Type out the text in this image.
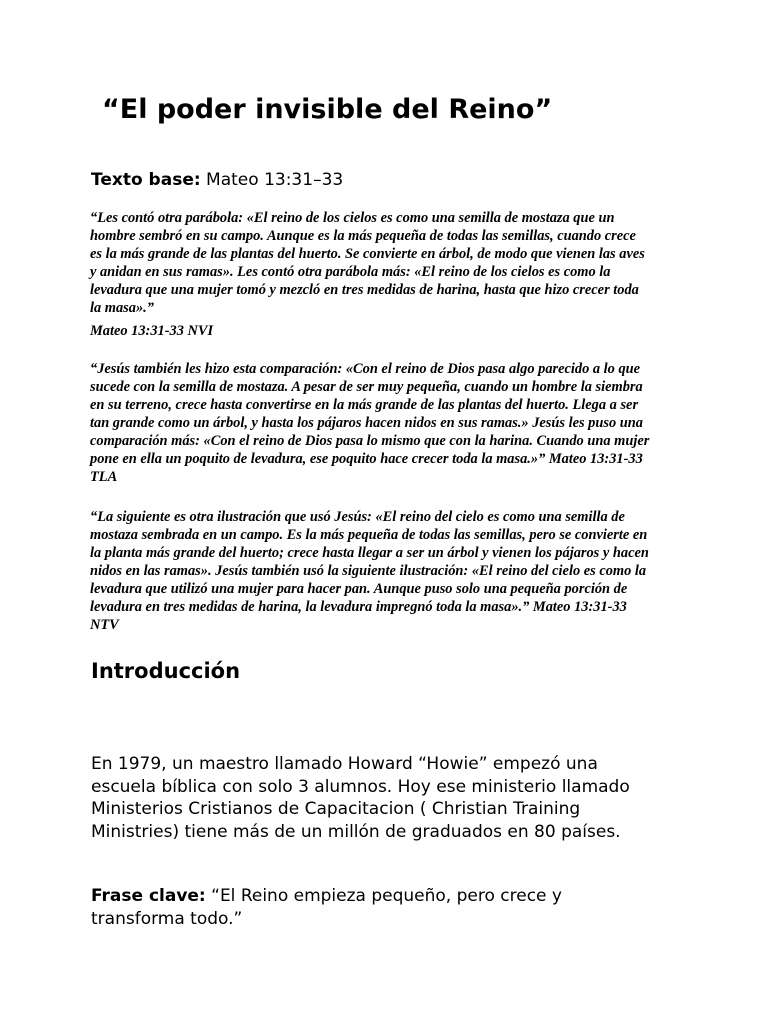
“El poder invisible del Reino”

Texto base: Mateo 13:31–33

“Les contó otra parábola: «El reino de los cielos es como una semilla de mostaza que un
hombre sembró en su campo. Aunque es la más pequeña de todas las semillas, cuando crece
es la más grande de las plantas del huerto. Se convierte en árbol, de modo que vienen las aves
y anidan en sus ramas». Les contó otra parábola más: «El reino de los cielos es como la
levadura que una mujer tomó y mezcló en tres medidas de harina, hasta que hizo crecer toda
la masa».”

Mateo 13:31-33 NVI

“Jesús también les hizo esta comparación: «Con el reino de Dios pasa algo parecido a lo que
sucede con la semilla de mostaza. A pesar de ser muy pequeña, cuando un hombre la siembra
en su terreno, crece hasta convertirse en la más grande de las plantas del huerto. Llega a ser
tan grande como un árbol, y hasta los pájaros hacen nidos en sus ramas.» Jesús les puso una
comparación más: «Con el reino de Dios pasa lo mismo que con la harina. Cuando una mujer
pone en ella un poquito de levadura, ese poquito hace crecer toda la masa.»” Mateo 13:31-33
TLA
“La siguiente es otra ilustración que usó Jesús: «El reino del cielo es como una semilla de
mostaza sembrada en un campo. Es la más pequeña de todas las semillas, pero se convierte en
la planta más grande del huerto; crece hasta llegar a ser un árbol y vienen los pájaros y hacen
nidos en las ramas». Jesús también usó la siguiente ilustración: «El reino del cielo es como la
levadura que utilizó una mujer para hacer pan. Aunque puso solo una pequeña porción de
levadura en tres medidas de harina, la levadura impregnó toda la masa».” Mateo 13:31-33
NTV
Introducción
En 1979, un maestro llamado Howard “Howie” empezó una
escuela bíblica con solo 3 alumnos. Hoy ese ministerio llamado
Ministerios Cristianos de Capacitacion ( Christian Training
Ministries) tiene más de un millón de graduados en 80 países.
Frase clave: “El Reino empieza pequeño, pero crece y
transforma todo.”
